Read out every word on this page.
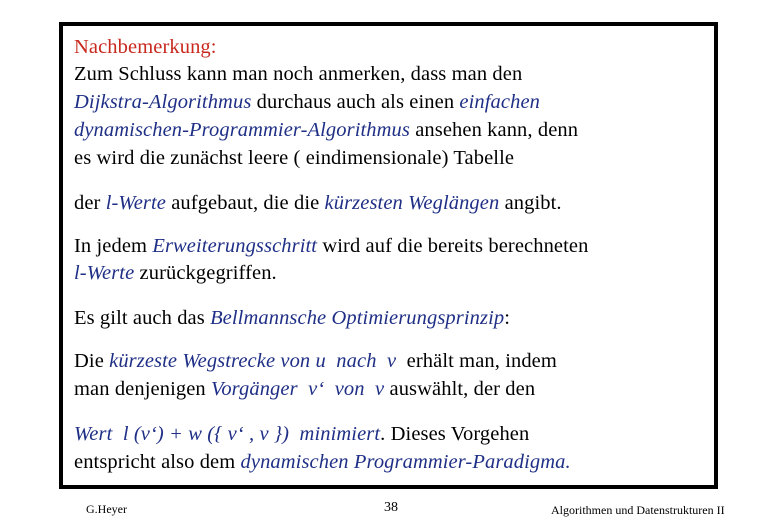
Nachbemerkung:
Zum Schluss kann man noch anmerken, dass man den
Dijkstra-Algorithmus durchaus auch als einen einfachen
dynamischen-Programmier-Algorithmus ansehen kann, denn
es wird die zunächst leere ( eindimensionale) Tabelle
der l-Werte aufgebaut, die die kürzesten Weglängen angibt.
In jedem Erweiterungsschritt wird auf die bereits berechneten
l-Werte zurückgegriffen.
Es gilt auch das Bellmannsche Optimierungsprinzip:
Die kürzeste Wegstrecke von u  nach  v  erhält man, indem
man denjenigen Vorgänger  v‘  von  v auswählt, der den
Wert  l (v‘) + w ({ v‘ , v })  minimiert. Dieses Vorgehen
entspricht also dem dynamischen Programmier-Paradigma.
G.Heyer	38	Algorithmen und Datenstrukturen II
